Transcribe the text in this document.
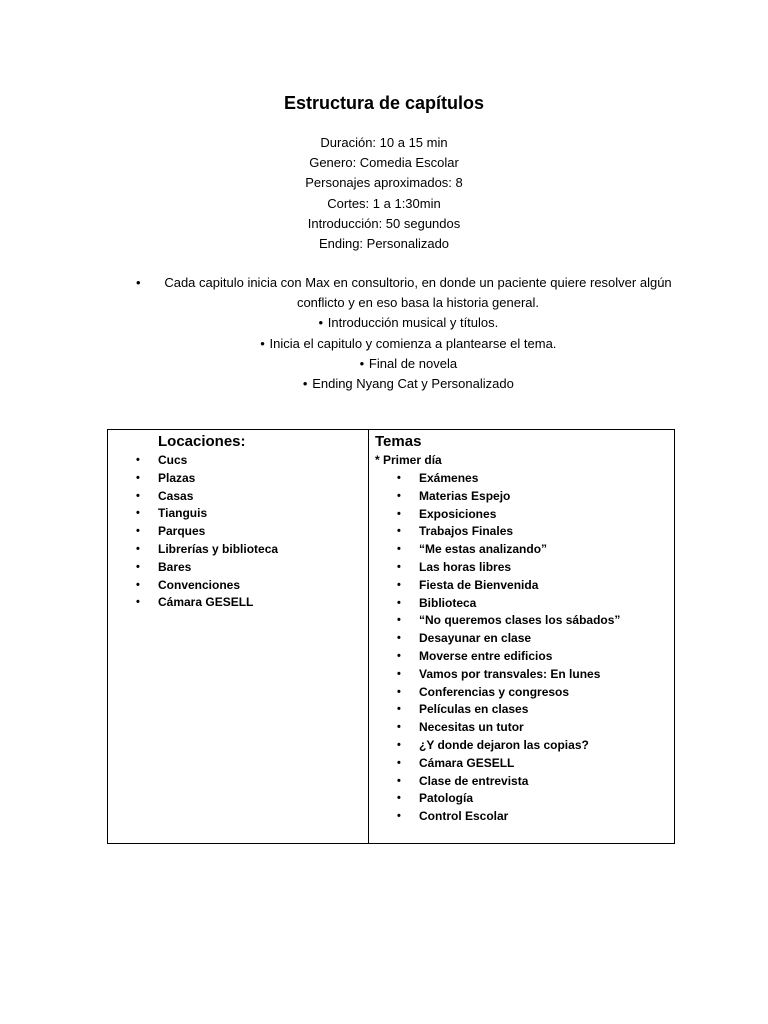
Estructura de capítulos
Duración: 10 a 15 min
Genero: Comedia Escolar
Personajes aproximados: 8
Cortes: 1 a 1:30min
Introducción: 50 segundos
Ending: Personalizado
•	Cada capitulo inicia con Max en consultorio, en donde un paciente quiere resolver algún
conflicto y en eso basa la historia general.
• Introducción musical y títulos.
• Inicia el capitulo y comienza a plantearse el tema.
• Final de novela
• Ending Nyang Cat y Personalizado
Locaciones:
• Cucs
• Plazas
• Casas
• Tianguis
• Parques
• Librerías y biblioteca
• Bares
• Convenciones
• Cámara GESELL
Temas
* Primer día
• Exámenes
• Materias Espejo
• Exposiciones
• Trabajos Finales
• “Me estas analizando”
• Las horas libres
• Fiesta de Bienvenida
• Biblioteca
• “No queremos clases los sábados”
• Desayunar en clase
• Moverse entre edificios
• Vamos por transvales: En lunes
• Conferencias y congresos
• Películas en clases
• Necesitas un tutor
• ¿Y donde dejaron las copias?
• Cámara GESELL
• Clase de entrevista
• Patología
• Control Escolar
